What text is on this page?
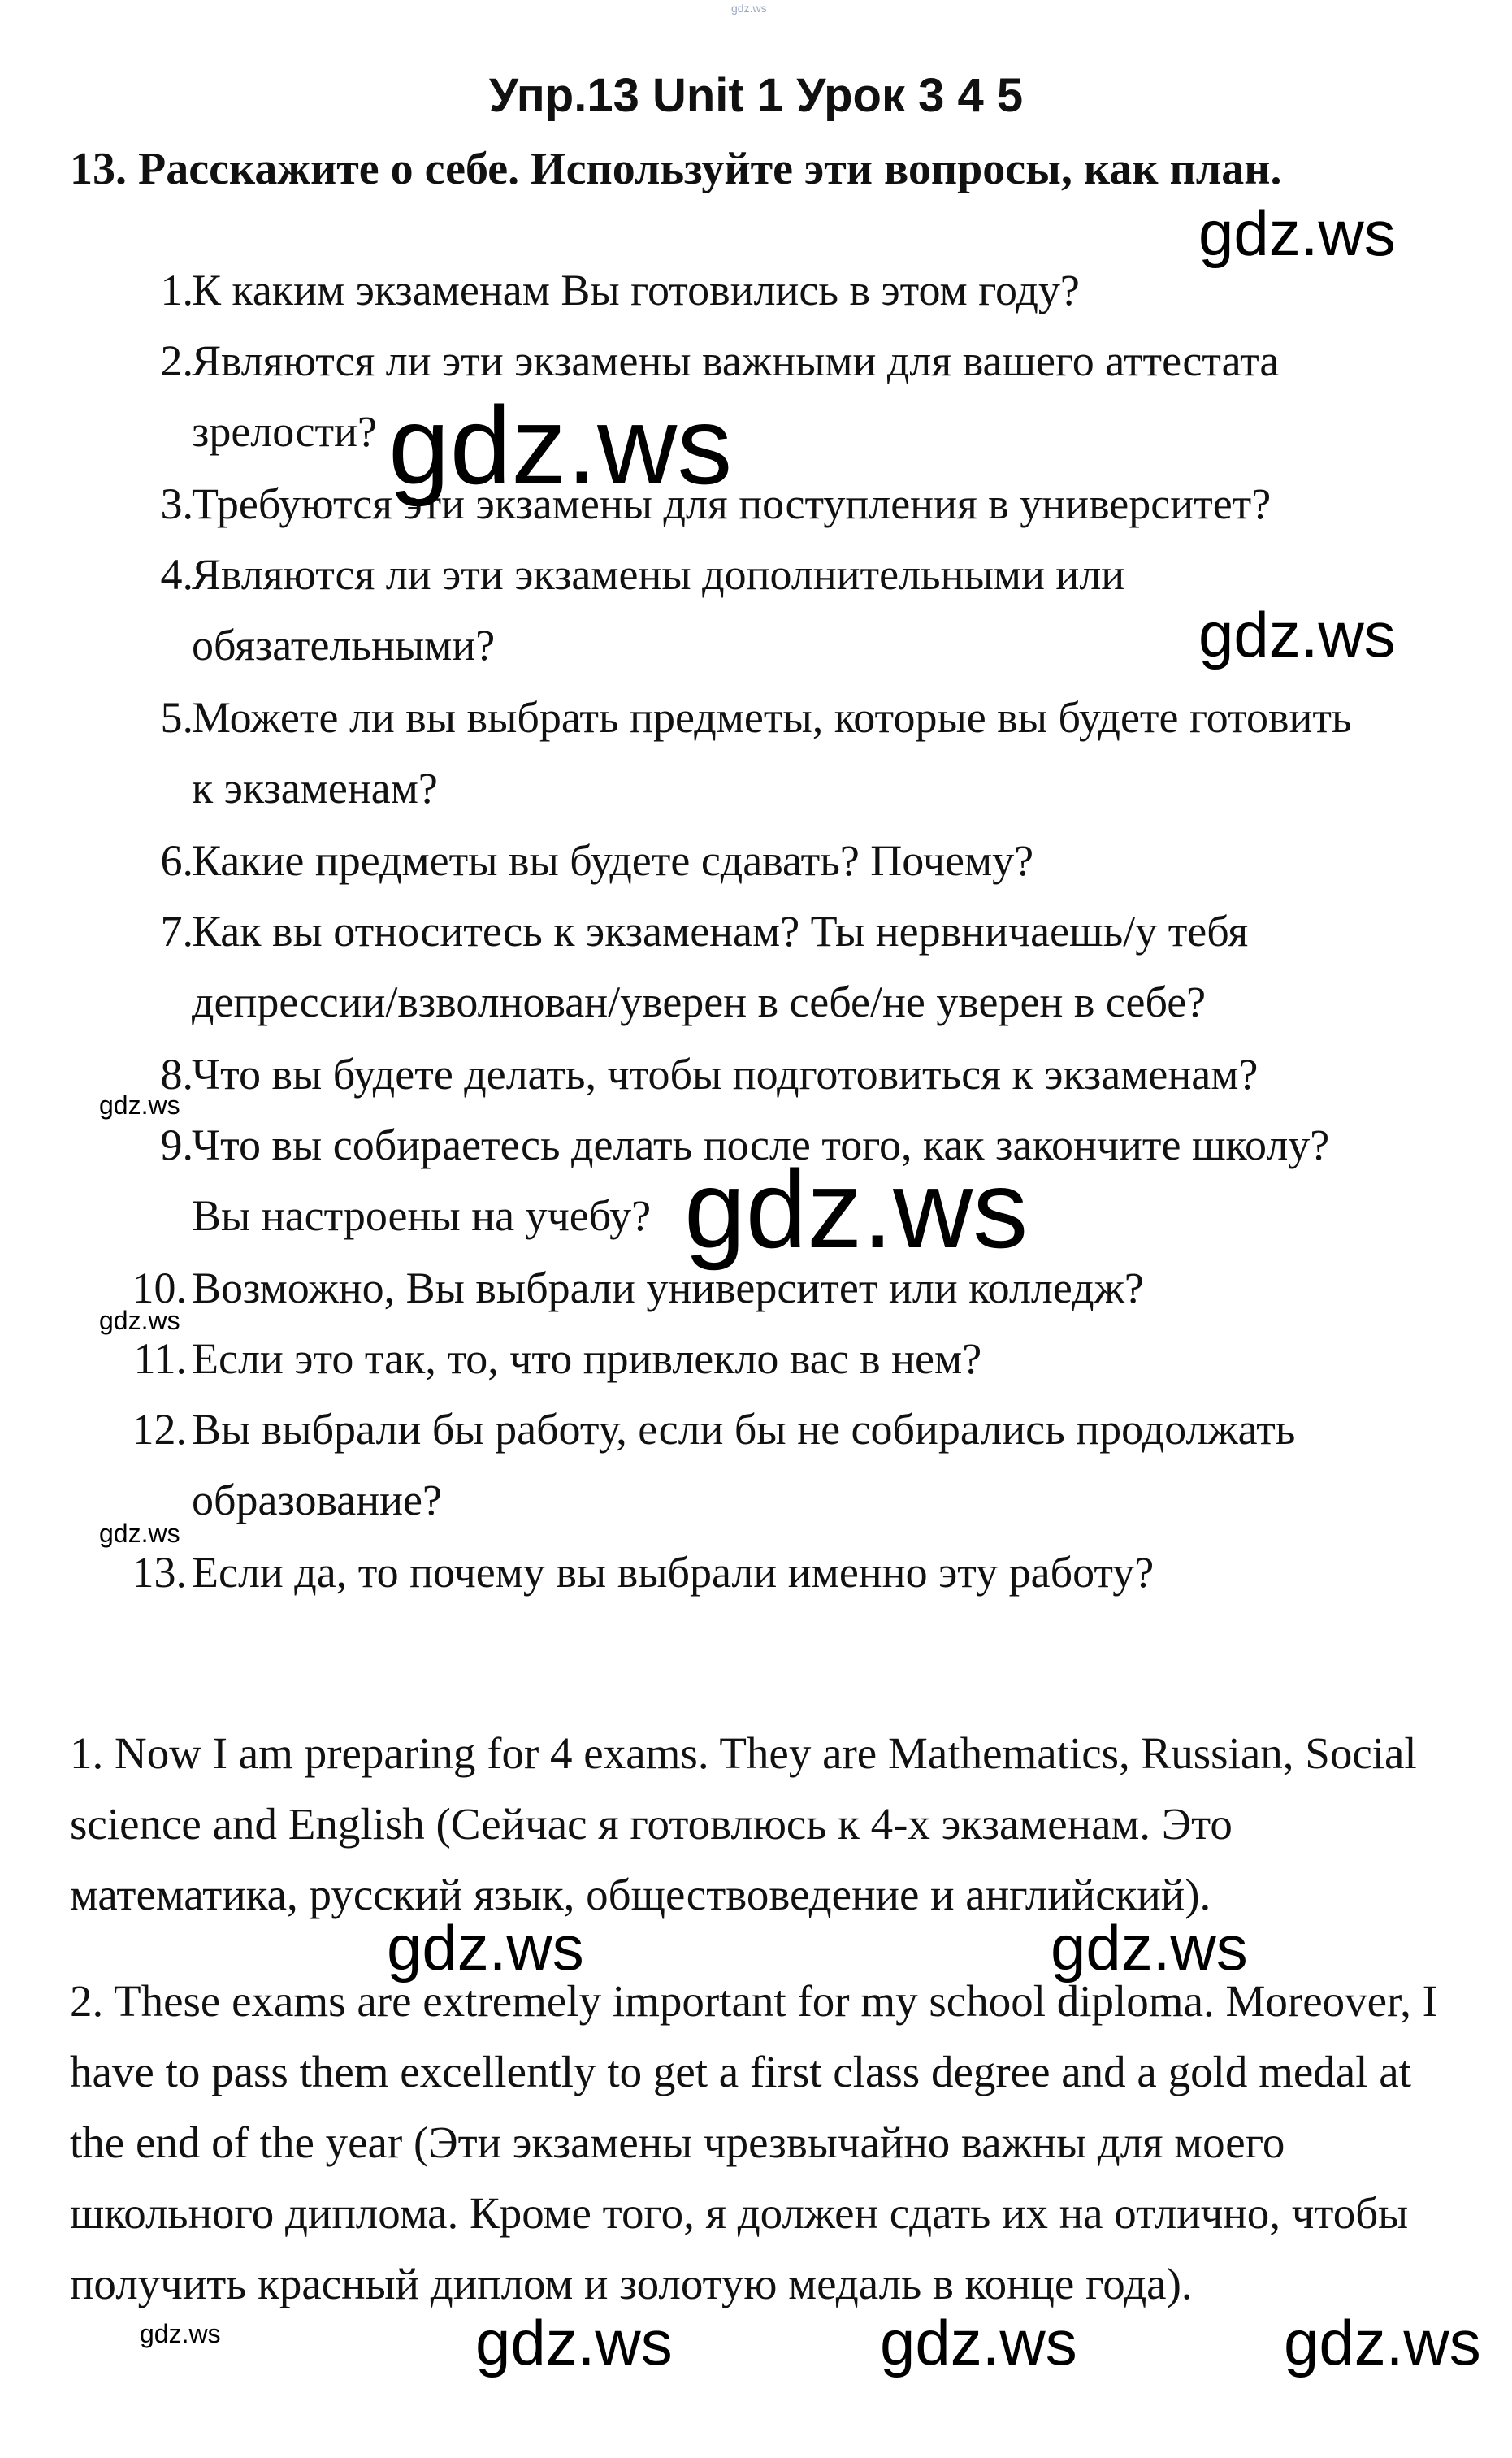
gdz.ws
Упр.13 Unit 1 Урок 3 4 5
13. Расскажите о себе. Используйте эти вопросы, как план.
1.
К каким экзаменам Вы готовились в этом году?
2.
Являются ли эти экзамены важными для вашего аттестата
зрелости?
3.
Требуются эти экзамены для поступления в университет?
4.
Являются ли эти экзамены дополнительными или
обязательными?
5.
Можете ли вы выбрать предметы, которые вы будете готовить
к экзаменам?
6.
Какие предметы вы будете сдавать? Почему?
7.
Как вы относитесь к экзаменам? Ты нервничаешь/у тебя
депрессии/взволнован/уверен в себе/не уверен в себе?
8.
Что вы будете делать, чтобы подготовиться к экзаменам?
9.
Что вы собираетесь делать после того, как закончите школу?
Вы настроены на учебу?
10. Возможно, Вы выбрали университет или колледж?
11. Если это так, то, что привлекло вас в нем?
12. Вы выбрали бы работу, если бы не собирались продолжать
образование?
13. Если да, то почему вы выбрали именно эту работу?
1. Now I am preparing for 4 exams. They are Mathematics, Russian, Social science and English (Сейчас я готовлюсь к 4-х экзаменам. Это математика, русский язык, обществоведение и английский).
2. These exams are extremely important for my school diploma. Moreover, I have to pass them excellently to get a first class degree and a gold medal at the end of the year (Эти экзамены чрезвычайно важны для моего школьного диплома. Кроме того, я должен сдать их на отлично, чтобы получить красный диплом и золотую медаль в конце года).
gdz.ws
gdz.ws
gdz.ws
gdz.ws
gdz.ws
gdz.ws
gdz.ws
gdz.ws	gdz.ws
gdz.ws	gdz.ws	gdz.ws	gdz.ws
